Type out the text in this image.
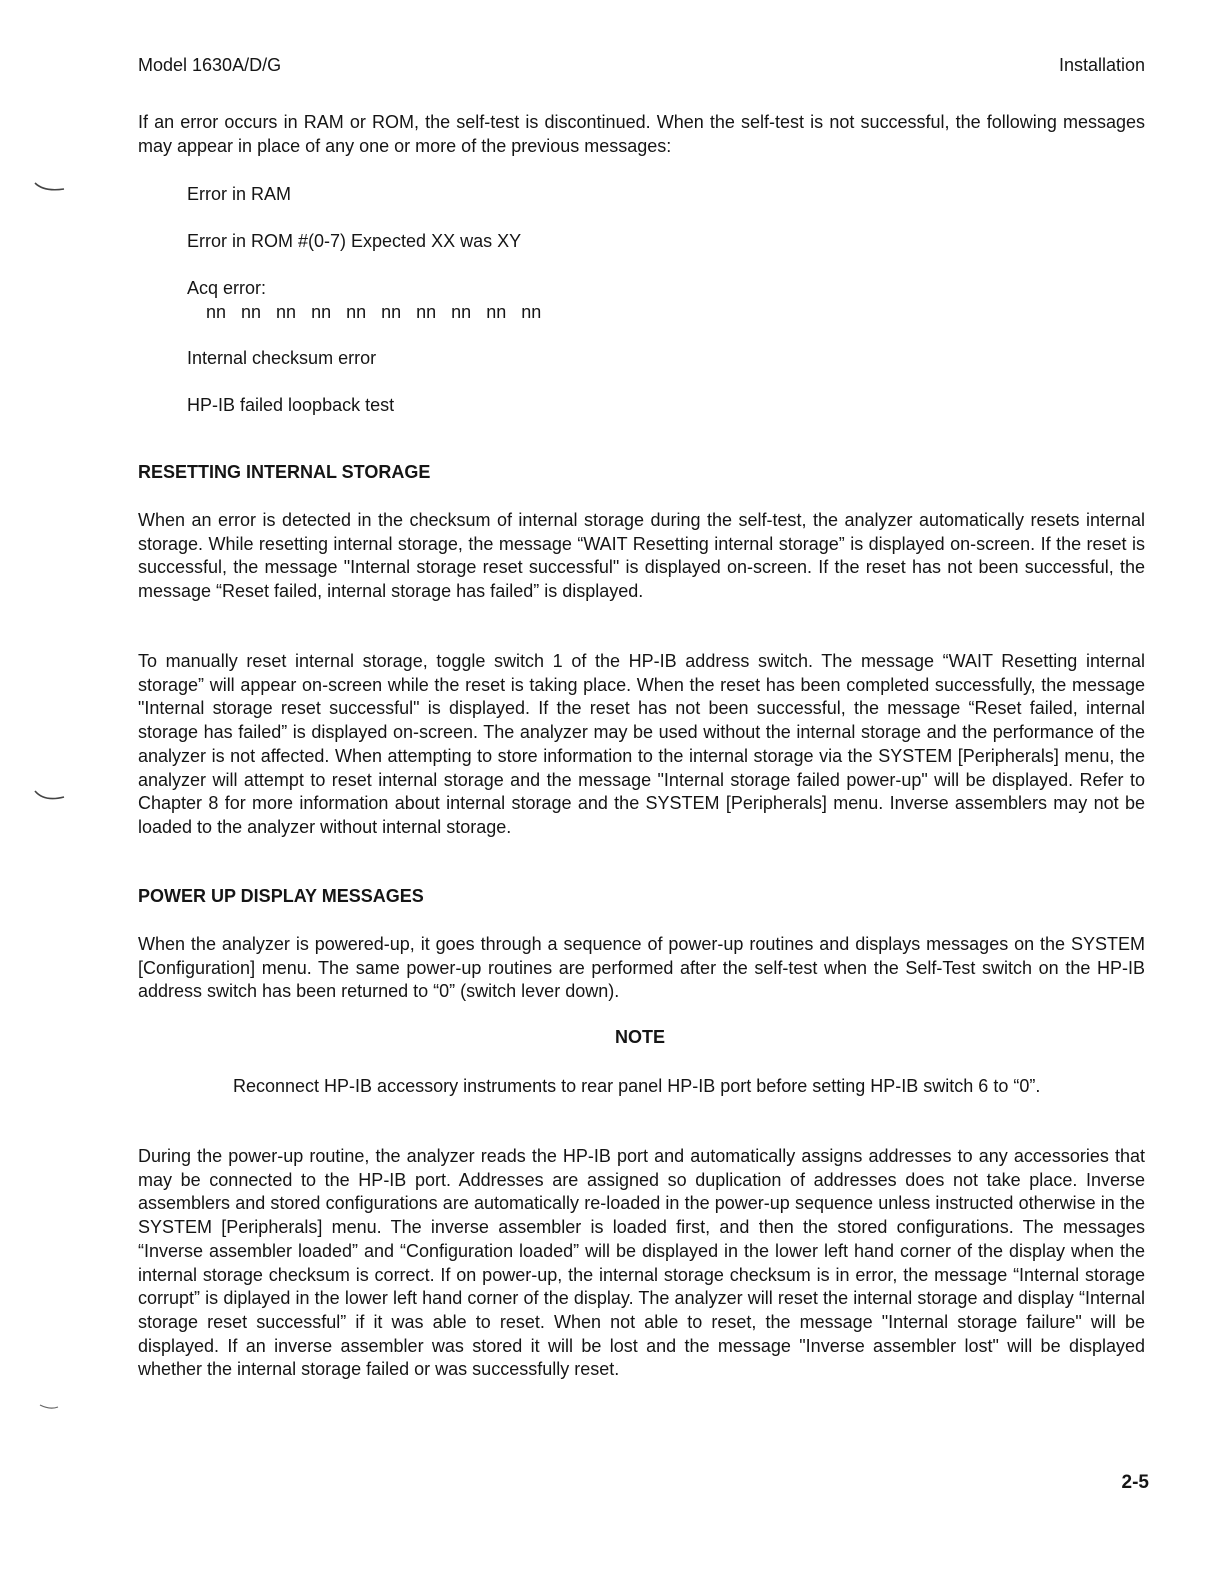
Model 1630A/D/G	Installation

If an error occurs in RAM or ROM, the self-test is discontinued. When the self-test is not successful, the following messages may appear in place of any one or more of the previous messages:

Error in RAM

Error in ROM #(0-7) Expected XX was XY

Acq error:

nn   nn   nn   nn   nn   nn   nn   nn   nn   nn

Internal checksum error

HP-IB failed loopback test

RESETTING INTERNAL STORAGE

When an error is detected in the checksum of internal storage during the self-test, the analyzer automatically resets internal storage. While resetting internal storage, the message “WAIT Resetting internal storage” is displayed on-screen. If the reset is successful, the message "Internal storage reset successful" is displayed on-screen. If the reset has not been successful, the message “Reset failed, internal storage has failed” is displayed.

To manually reset internal storage, toggle switch 1 of the HP-IB address switch. The message “WAIT Resetting internal storage” will appear on-screen while the reset is taking place. When the reset has been completed successfully, the message "Internal storage reset successful" is displayed. If the reset has not been successful, the message “Reset failed, internal storage has failed” is displayed on-screen. The analyzer may be used without the internal storage and the performance of the analyzer is not affected. When attempting to store information to the internal storage via the SYSTEM [Peripherals] menu, the analyzer will attempt to reset internal storage and the message "Internal storage failed power-up" will be displayed. Refer to Chapter 8 for more information about internal storage and the SYSTEM [Peripherals] menu. Inverse assemblers may not be loaded to the analyzer without internal storage.

POWER UP DISPLAY MESSAGES

When the analyzer is powered-up, it goes through a sequence of power-up routines and displays messages on the SYSTEM [Configuration] menu. The same power-up routines are performed after the self-test when the Self-Test switch on the HP-IB address switch has been returned to “0” (switch lever down).

NOTE

Reconnect HP-IB accessory instruments to rear panel HP-IB port before setting HP-IB switch 6 to “0”.

During the power-up routine, the analyzer reads the HP-IB port and automatically assigns addresses to any accessories that may be connected to the HP-IB port. Addresses are assigned so duplication of addresses does not take place. Inverse assemblers and stored configurations are automatically re-loaded in the power-up sequence unless instructed otherwise in the SYSTEM [Peripherals] menu. The inverse assembler is loaded first, and then the stored configurations. The messages “Inverse assembler loaded” and “Configuration loaded” will be displayed in the lower left hand corner of the display when the internal storage checksum is correct. If on power-up, the internal storage checksum is in error, the message “Internal storage corrupt” is diplayed in the lower left hand corner of the display. The analyzer will reset the internal storage and display “Internal storage reset successful” if it was able to reset. When not able to reset, the message "Internal storage failure" will be displayed. If an inverse assembler was stored it will be lost and the message "Inverse assembler lost" will be displayed whether the internal storage failed or was successfully reset.

2-5
